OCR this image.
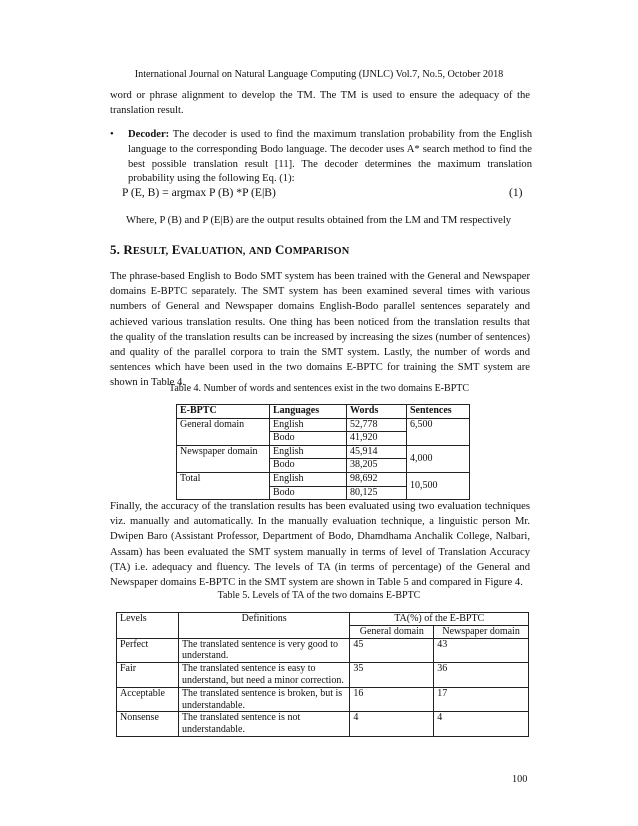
International Journal on Natural Language Computing (IJNLC) Vol.7, No.5, October 2018

word or phrase alignment to develop the TM. The TM is used to ensure the adequacy of the translation result.

• Decoder: The decoder is used to find the maximum translation probability from the English language to the corresponding Bodo language. The decoder uses A* search method to find the best possible translation result [11]. The decoder determines the maximum translation probability using the following Eq. (1):
P (E, B) = argmax P (B) *P (E|B)	(1)
Where, P (B) and P (E|B) are the output results obtained from the LM and TM respectively
5. RESULT, EVALUATION, AND COMPARISON

The phrase-based English to Bodo SMT system has been trained with the General and Newspaper domains E-BPTC separately. The SMT system has been examined several times with various numbers of General and Newspaper domains English-Bodo parallel sentences separately and achieved various translation results. One thing has been noticed from the translation results that the quality of the translation results can be increased by increasing the sizes (number of sentences) and quality of the parallel corpora to train the SMT system. Lastly, the number of words and sentences which have been used in the two domains E-BPTC for training the SMT system are shown in Table 4.

Table 4. Number of words and sentences exist in the two domains E-BPTC
E-BPTC	Languages	Words	Sentences
General domain	English	52,778	6,500
	Bodo	41,920	
Newspaper domain	English	45,914	4,000
	Bodo	38,205	
Total	English	98,692	10,500
	Bodo	80,125	

Finally, the accuracy of the translation results has been evaluated using two evaluation techniques viz. manually and automatically. In the manually evaluation technique, a linguistic person Mr. Dwipen Baro (Assistant Professor, Department of Bodo, Dhamdhama Anchalik College, Nalbari, Assam) has been evaluated the SMT system manually in terms of level of Translation Accuracy (TA) i.e. adequacy and fluency. The levels of TA (in terms of percentage) of the General and Newspaper domains E-BPTC in the SMT system are shown in Table 5 and compared in Figure 4.

Table 5. Levels of TA of the two domains E-BPTC
Levels	Definitions	TA(%) of the E-BPTC	
		General domain	Newspaper domain
Perfect	The translated sentence is very good to understand.	45	43
Fair	The translated sentence is easy to understand, but need a minor correction.	35	36
Acceptable	The translated sentence is broken, but is understandable.	16	17
Nonsense	The translated sentence is not understandable.	4	4
100
